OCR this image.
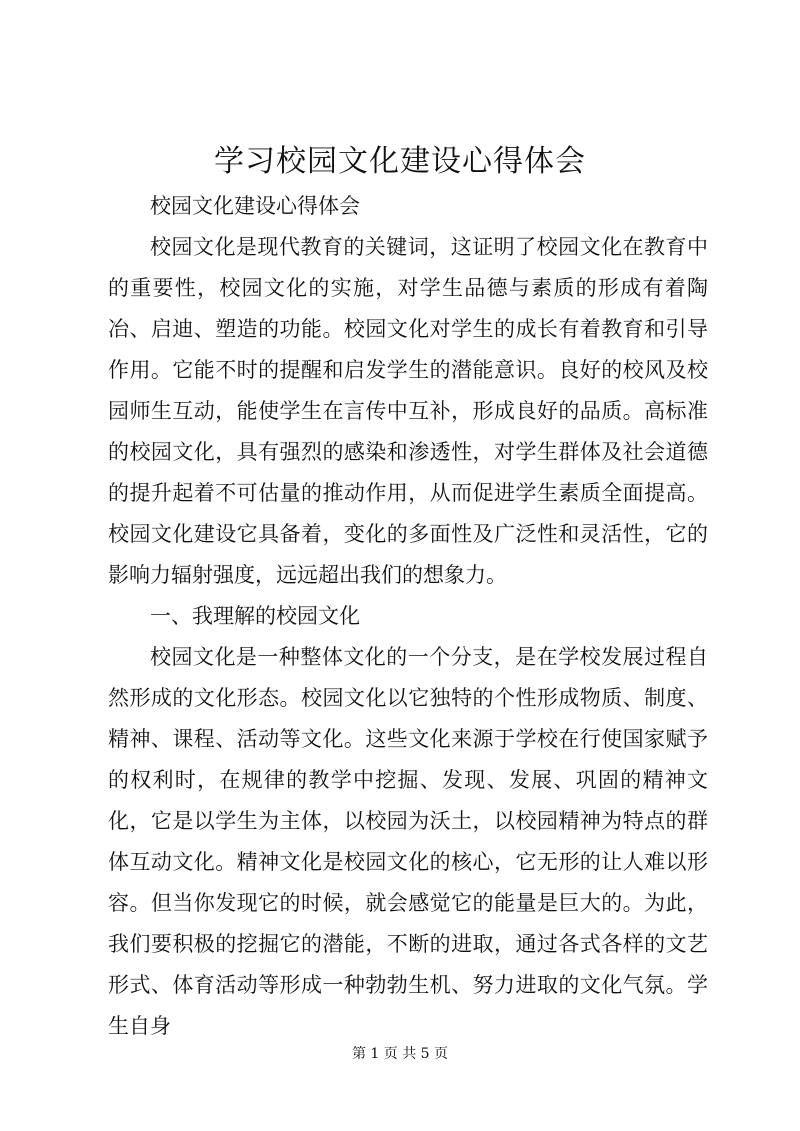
学习校园文化建设心得体会

校园文化建设心得体会

校园文化是现代教育的关键词，这证明了校园文化在教育中的重要性，校园文化的实施，对学生品德与素质的形成有着陶冶、启迪、塑造的功能。校园文化对学生的成长有着教育和引导作用。它能不时的提醒和启发学生的潜能意识。良好的校风及校园师生互动，能使学生在言传中互补，形成良好的品质。高标准的校园文化，具有强烈的感染和渗透性，对学生群体及社会道德的提升起着不可估量的推动作用，从而促进学生素质全面提高。校园文化建设它具备着，变化的多面性及广泛性和灵活性，它的影响力辐射强度，远远超出我们的想象力。

一、我理解的校园文化

校园文化是一种整体文化的一个分支，是在学校发展过程自然形成的文化形态。校园文化以它独特的个性形成物质、制度、精神、课程、活动等文化。这些文化来源于学校在行使国家赋予的权利时，在规律的教学中挖掘、发现、发展、巩固的精神文化，它是以学生为主体，以校园为沃土，以校园精神为特点的群体互动文化。精神文化是校园文化的核心，它无形的让人难以形容。但当你发现它的时候，就会感觉它的能量是巨大的。为此，我们要积极的挖掘它的潜能，不断的进取，通过各式各样的文艺形式、体育活动等形成一种勃勃生机、努力进取的文化气氛。学生自身

第 1 页 共 5 页
